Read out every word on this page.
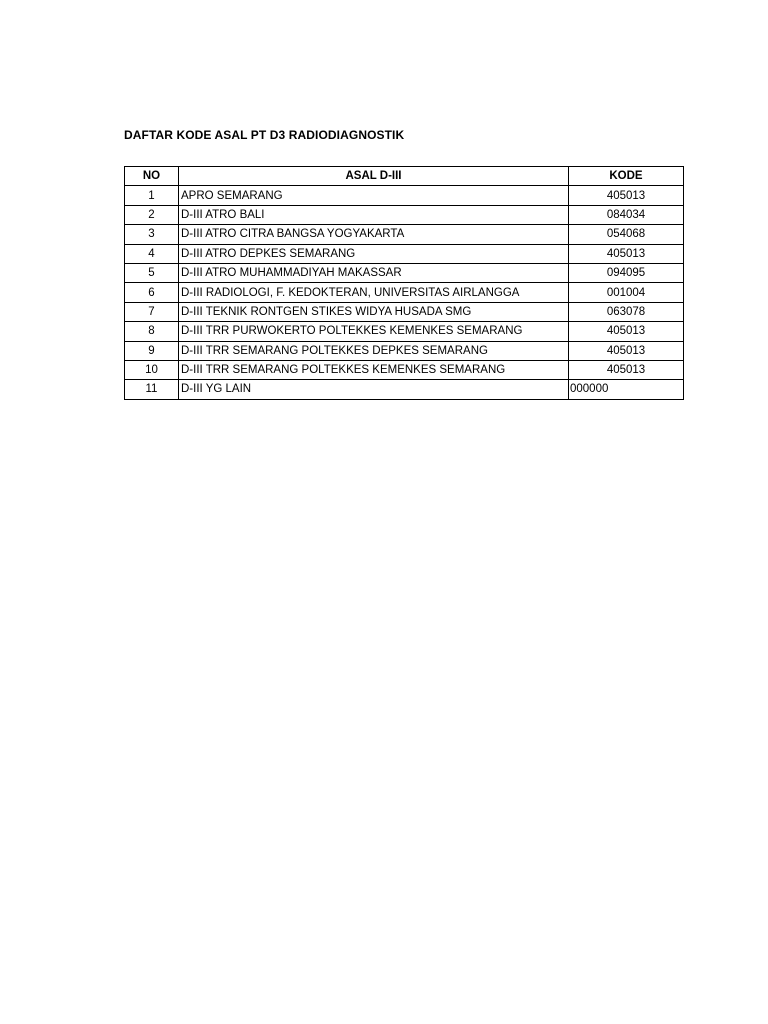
DAFTAR KODE ASAL PT D3 RADIODIAGNOSTIK
NO	ASAL D-III	KODE
1	APRO SEMARANG	405013
2	D-III ATRO BALI	084034
3	D-III ATRO CITRA BANGSA YOGYAKARTA	054068
4	D-III ATRO DEPKES SEMARANG	405013
5	D-III ATRO MUHAMMADIYAH MAKASSAR	094095
6	D-III RADIOLOGI, F. KEDOKTERAN, UNIVERSITAS AIRLANGGA	001004
7	D-III TEKNIK RONTGEN STIKES WIDYA HUSADA SMG	063078
8	D-III TRR PURWOKERTO POLTEKKES KEMENKES SEMARANG	405013
9	D-III TRR SEMARANG POLTEKKES DEPKES SEMARANG	405013
10	D-III TRR SEMARANG POLTEKKES KEMENKES SEMARANG	405013
11	D-III YG LAIN	000000
